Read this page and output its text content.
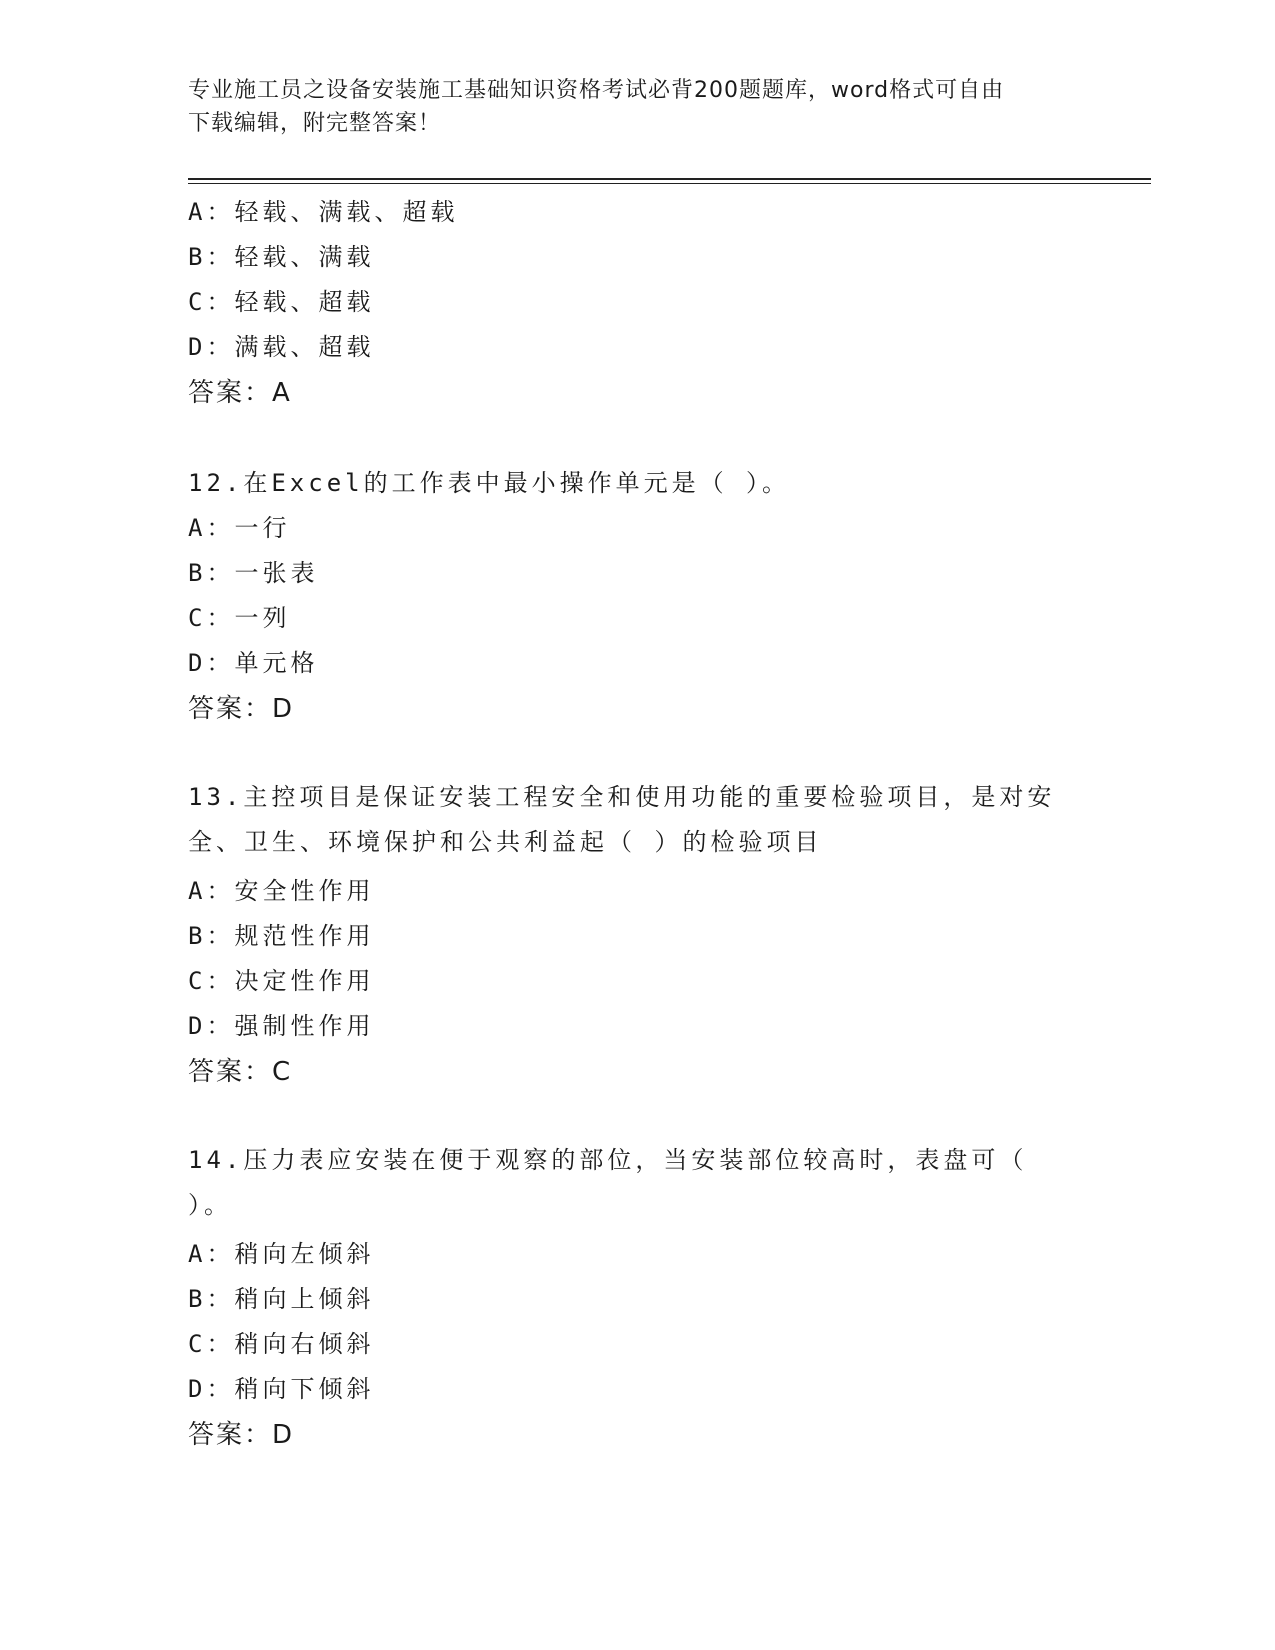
专业施工员之设备安装施工基础知识资格考试必背200题题库，word格式可自由
下载编辑，附完整答案！
A：轻载、满载、超载
B：轻载、满载
C：轻载、超载
D：满载、超载
答案：A
12.在Excel的工作表中最小操作单元是（ ）。
A：一行
B：一张表
C：一列
D：单元格
答案：D
13.主控项目是保证安装工程安全和使用功能的重要检验项目，是对安全、卫生、环境保护和公共利益起（ ）的检验项目
A：安全性作用
B：规范性作用
C：决定性作用
D：强制性作用
答案：C
14.压力表应安装在便于观察的部位，当安装部位较高时，表盘可（ ）。
A：稍向左倾斜
B：稍向上倾斜
C：稍向右倾斜
D：稍向下倾斜
答案：D
